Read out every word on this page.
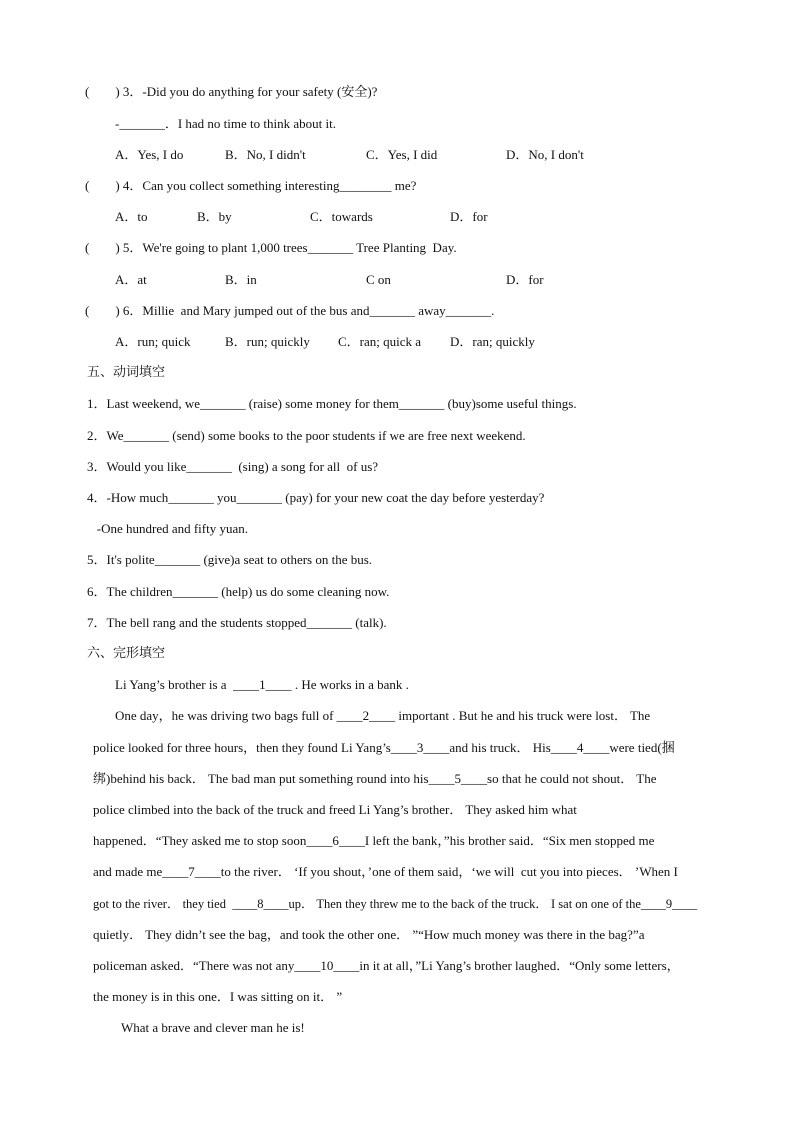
(        ) 3．-Did you do anything for your safety (安全)?
-_______．I had no time to think about it.
A．Yes, I do	B．No, I didn't	C．Yes, I did	D．No, I don't
(        ) 4．Can you collect something interesting________ me?
A．to	B．by	C．towards	D．for
(        ) 5．We're going to plant 1,000 trees_______ Tree Planting  Day.
A．at	B．in	C on	D．for
(        ) 6．Millie  and Mary jumped out of the bus and_______ away_______.
A．run; quick	B．run; quickly C．ran; quick a D．ran; quickly
五、动词填空
1．Last weekend, we_______ (raise) some money for them_______ (buy)some useful things.
2．We_______ (send) some books to the poor students if we are free next weekend.
3．Would you like_______  (sing) a song for all  of us?
4．-How much_______ you_______ (pay) for your new coat the day before yesterday?
-One hundred and fifty yuan.
5．It's polite_______ (give)a seat to others on the bus.
6．The children_______ (help) us do some cleaning now.
7．The bell rang and the students stopped_______ (talk).
六、完形填空
Li Yang’s brother is a  ____1____ . He works in a bank .
One day，he was driving two bags full of ____2____ important . But he and his truck were lost． The
police looked for three hours，then they found Li Yang’s____3____and his truck． His____4____were tied(捆
绑)behind his back． The bad man put something round into his____5____so that he could not shout． The
police climbed into the back of the truck and freed Li Yang’s brother． They asked him what
happened．“They asked me to stop soon____6____I left the bank，”his brother said．“Six men stopped me
and made me____7____to the river． ‘If you shout，’one of them said，‘we will  cut you into pieces． ’When I
got to the river． they tied  ____8____up． Then they threw me to the back of the truck． I sat on one of the____9____
quietly． They didn’t see the bag，and took the other one． ”“How much money was there in the bag?”a
policeman asked．“There was not any____10____in it at all，”Li Yang’s brother laughed．“Only some letters，
the money is in this one．I was sitting on it． ”
What a brave and clever man he is!
